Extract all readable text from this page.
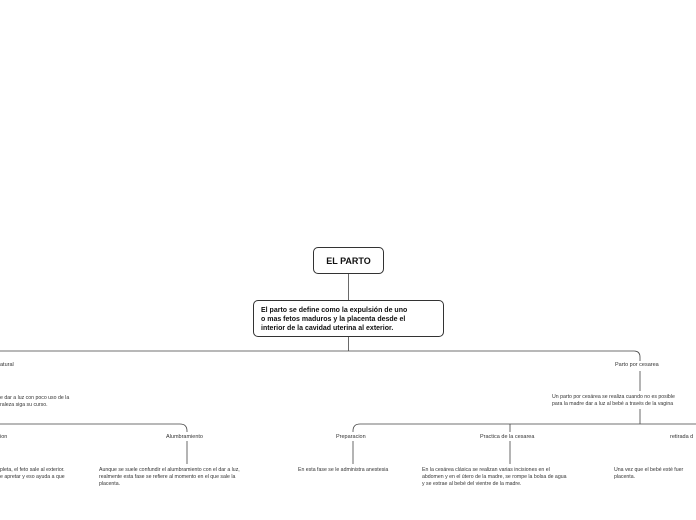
EL PARTO
El parto se define como la expulsión de uno
o mas fetos maduros y la placenta desde el
interior de la cavidad uterina al exterior.
atural
e dar a luz con poco uso de la
raleza siga su curso.
ion
pleta, el feto sale al exterior.
e apretar y eso ayuda a que
Alumbramiento
Aunque se suele confundir el alumbramiento con el dar a luz,
realmente esta fase se refiere al momento en el que sale la
placenta.
Parto por cesarea
Un parto por cesárea se realiza cuando no es posible
para la madre dar a luz al bebé a través de la vagina
Preparacion
En esta fase se le administra anestesia
Practica de la cesarea
En la cesárea clásica se realizan varias incisiones en el
abdomen y en el útero de la madre, se rompe la bolsa de agua
y se extrae al bebé del vientre de la madre.
retirada d
Una vez que el bebé esté fuer
placenta.
